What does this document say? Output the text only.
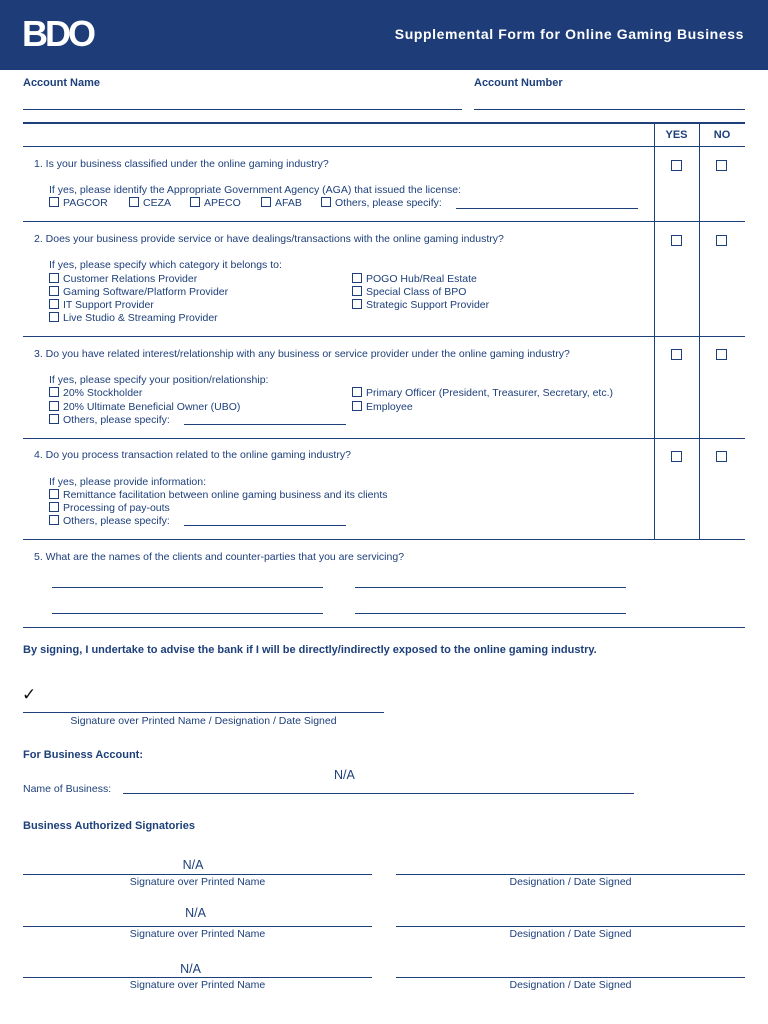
BDO	Supplemental Form for Online Gaming Business
Account Name	Account Number
YES	NO
1. Is your business classified under the online gaming industry?
If yes, please identify the Appropriate Government Agency (AGA) that issued the license:
PAGCOR	CEZA	APECO	AFAB	Others, please specify:
2. Does your business provide service or have dealings/transactions with the online gaming industry?
If yes, please specify which category it belongs to:
Customer Relations Provider
Gaming Software/Platform Provider
IT Support Provider
Live Studio & Streaming Provider
POGO Hub/Real Estate
Special Class of BPO
Strategic Support Provider
3. Do you have related interest/relationship with any business or service provider under the online gaming industry?
If yes, please specify your position/relationship:
20% Stockholder
20% Ultimate Beneficial Owner (UBO)
Others, please specify:
Primary Officer (President, Treasurer, Secretary, etc.)
Employee
4. Do you process transaction related to the online gaming industry?
If yes, please provide information:
Remittance facilitation between online gaming business and its clients
Processing of pay-outs
Others, please specify:
5. What are the names of the clients and counter-parties that you are servicing?
By signing, I undertake to advise the bank if I will be directly/indirectly exposed to the online gaming industry.
✓
Signature over Printed Name / Designation / Date Signed
For Business Account:
N/A
Name of Business:
Business Authorized Signatories
N/A
Signature over Printed Name	Designation / Date Signed
N/A
Signature over Printed Name	Designation / Date Signed
N/A
Signature over Printed Name	Designation / Date Signed
